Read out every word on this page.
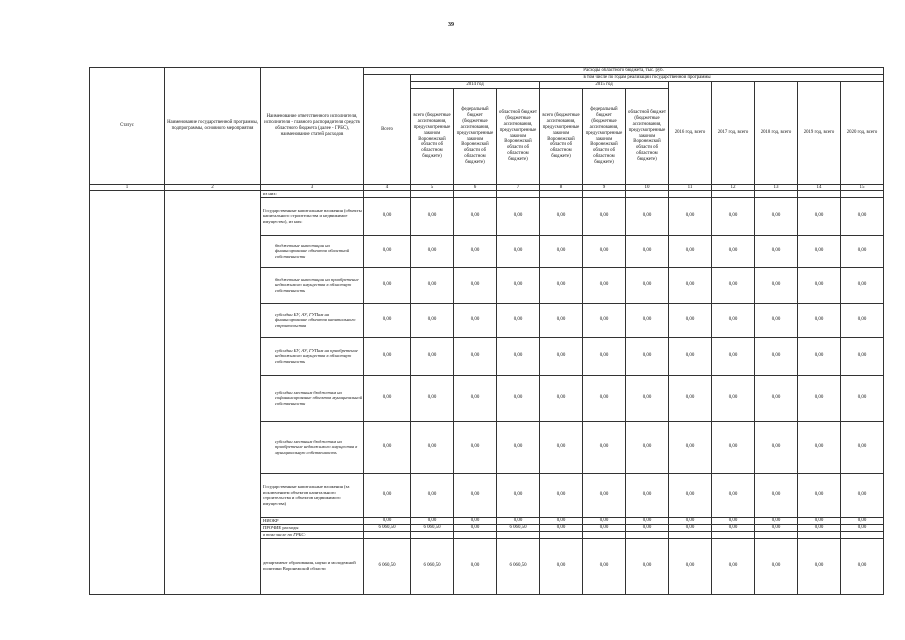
39
Статус	Наименование государственной программы, подпрограммы, основного мероприятия	Наименование ответственного исполнителя, исполнителя - главного распорядителя средств областного бюджета (далее - ГРБС), наименование статей расходов	Расходы областного бюджета, тыс. руб.											
			Всего	в том числе по годам реализации государственной программы										
				2014 год			2015 год			2016 год, всего	2017 год, всего	2018 год, всего	2019 год, всего	2020 год, всего
				всего (бюджетные ассигнования, предусмотренные законом Воронежской области об областном бюджете)	федеральный бюджет (бюджетные ассигнования, предусмотренные законом Воронежской области об областном бюджете)	областной бюджет (бюджетные ассигнования, предусмотренные законом Воронежской области об областном бюджете)	всего (бюджетные ассигнования, предусмотренные законом Воронежской области об областном бюджете)	федеральный бюджет (бюджетные ассигнования, предусмотренные законом Воронежской области об областном бюджете)	областной бюджет (бюджетные ассигнования, предусмотренные законом Воронежской области об областном бюджете)					
1	2	3	4	5	6	7	8	9	10	11	12	13	14	15
		из них:												
		Государственные капитальные вложения (объекты капитального строительства и недвижимое имущество), из них:	0,00	0,00	0,00	0,00	0,00	0,00	0,00	0,00	0,00	0,00	0,00	0,00
		бюджетные инвестиции на финансирование объектов областной собственности	0,00	0,00	0,00	0,00	0,00	0,00	0,00	0,00	0,00	0,00	0,00	0,00
		бюджетные инвестиции на приобретение недвижимого имущества в областную собственность	0,00	0,00	0,00	0,00	0,00	0,00	0,00	0,00	0,00	0,00	0,00	0,00
		субсидии БУ, АУ, ГУПам на финансирование объектов капитального строительства	0,00	0,00	0,00	0,00	0,00	0,00	0,00	0,00	0,00	0,00	0,00	0,00
		субсидии БУ, АУ, ГУПам на приобретение недвижимого имущества в областную собственность	0,00	0,00	0,00	0,00	0,00	0,00	0,00	0,00	0,00	0,00	0,00	0,00
		субсидии местным бюджетам на софинансирование объектов муниципальной собственности	0,00	0,00	0,00	0,00	0,00	0,00	0,00	0,00	0,00	0,00	0,00	0,00
		субсидии местным бюджетам на приобретение недвижимого имущества в муниципальную собственность	0,00	0,00	0,00	0,00	0,00	0,00	0,00	0,00	0,00	0,00	0,00	0,00
		Государственные капитальные вложения (за исключением объектов капитального строительства и объектов недвижимого имущества)	0,00	0,00	0,00	0,00	0,00	0,00	0,00	0,00	0,00	0,00	0,00	0,00
		НИОКР	0,00	0,00	0,00	0,00	0,00	0,00	0,00	0,00	0,00	0,00	0,00	0,00
		ПРОЧИЕ расходы	6 060,50	6 060,50	0,00	6 060,50	0,00	0,00	0,00	0,00	0,00	0,00	0,00	0,00
		в том числе по ГРБС:												
		департамент образования, науки и молодежной политики Воронежской области	6 060,50	6 060,50	0,00	6 060,50	0,00	0,00	0,00	0,00	0,00	0,00	0,00	0,00
